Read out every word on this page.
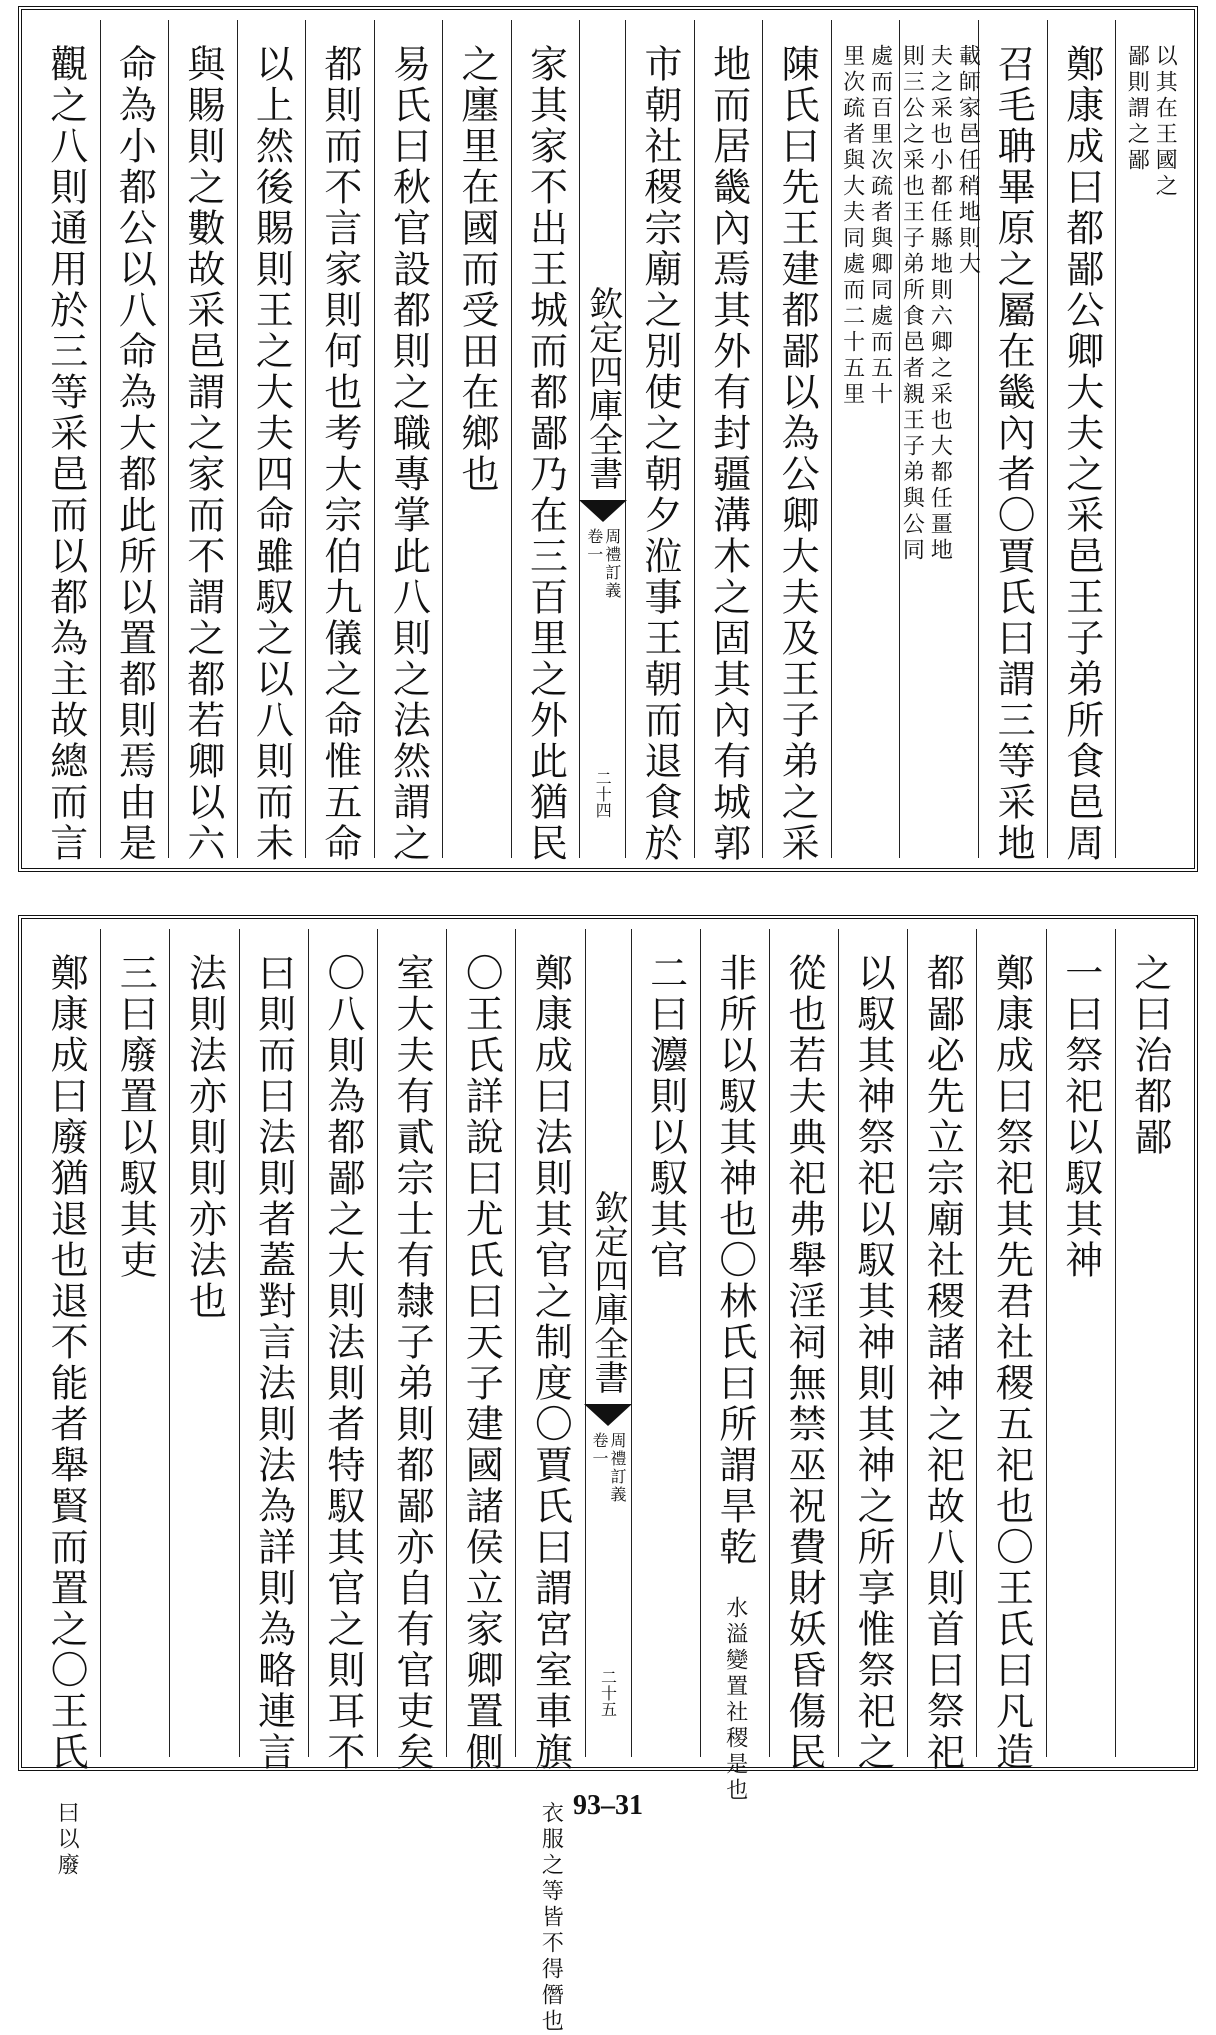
以其在王國之
鄙則謂之鄙
鄭康成曰都鄙公卿大夫之采邑王子弟所食邑周
召毛聃畢原之屬在畿內者〇賈氏曰謂三等采地
載師家邑任稍地則大
夫之采也小都任縣地則六卿之采也大都任畺地
則三公之采也王子弟所食邑者親王子弟與公同
處而百里次疏者與卿同處而五十
里次疏者與大夫同處而二十五里
陳氏曰先王建都鄙以為公卿大夫及王子弟之采
地而居畿內焉其外有封疆溝木之固其內有城郭
市朝社稷宗廟之別使之朝夕涖事王朝而退食於
欽定四庫全書
周禮訂義
卷一
二十四
家其家不出王城而都鄙乃在三百里之外此猶民
之廛里在國而受田在鄉也
易氏曰秋官設都則之職專掌此八則之法然謂之
都則而不言家則何也考大宗伯九儀之命惟五命
以上然後賜則王之大夫四命雖馭之以八則而未
與賜則之數故采邑謂之家而不謂之都若卿以六
命為小都公以八命為大都此所以置都則焉由是
觀之八則通用於三等采邑而以都為主故總而言
之曰治都鄙
一曰祭祀以馭其神
鄭康成曰祭祀其先君社稷五祀也〇王氏曰凡造
都鄙必先立宗廟社稷諸神之祀故八則首曰祭祀
以馭其神祭祀以馭其神則其神之所享惟祭祀之
從也若夫典祀弗舉淫祠無禁巫祝費財妖昏傷民
非所以馭其神也〇林氏曰所謂旱乾
水溢變置社稷是也
二曰灋則以馭其官
欽定四庫全書
周禮訂義
卷一
二十五
鄭康成曰法則其官之制度〇賈氏曰謂宮室車旗
衣服之等皆不得僭也
〇王氏詳說曰尤氏曰天子建國諸侯立家卿置側
室大夫有貳宗士有隸子弟則都鄙亦自有官吏矣
〇八則為都鄙之大則法則者特馭其官之則耳不
曰則而曰法則者蓋對言法則法為詳則為略連言
法則法亦則則亦法也
三曰廢置以馭其吏
鄭康成曰廢猶退也退不能者舉賢而置之〇王氏
曰以廢	93–31
